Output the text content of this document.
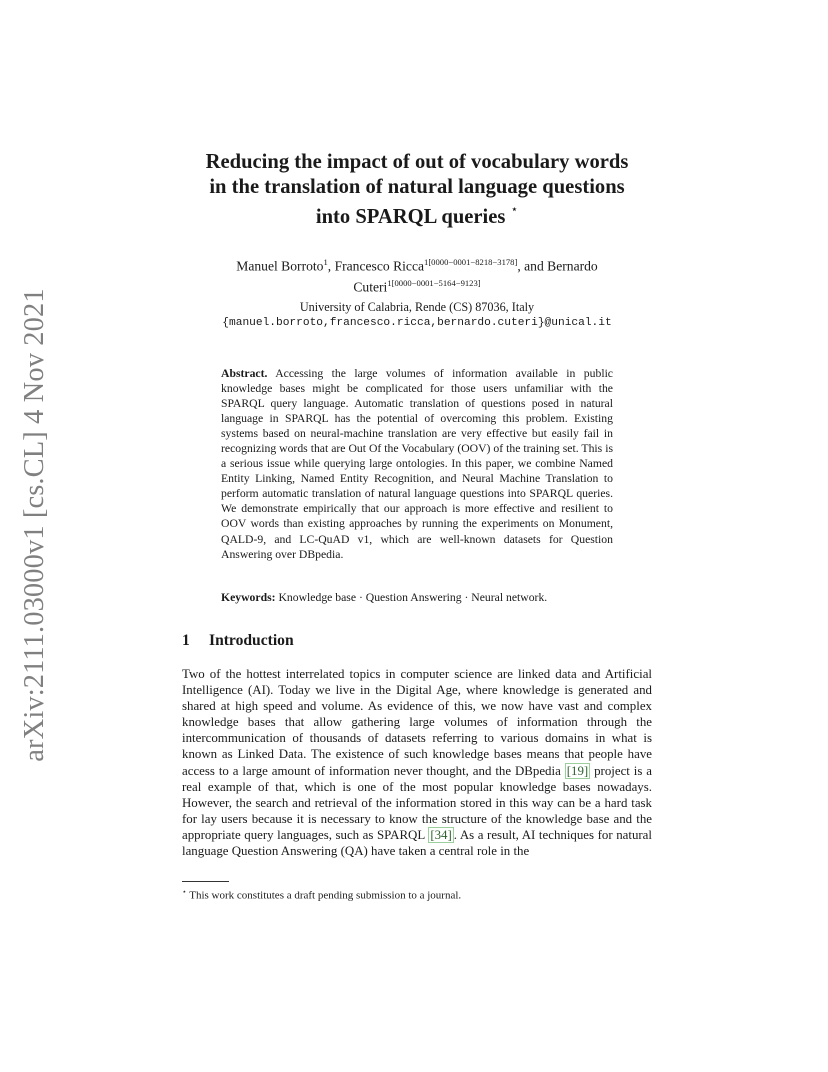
arXiv:2111.03000v1 [cs.CL] 4 Nov 2021
Reducing the impact of out of vocabulary words
in the translation of natural language questions
into SPARQL queries ⋆
Manuel Borroto$^1$, Francesco Ricca$^{1[0000-0001-8218-3178]}$, and Bernardo
Cuteri$^{1[0000-0001-5164-9123]}$
University of Calabria, Rende (CS) 87036, Italy
{manuel.borroto,francesco.ricca,bernardo.cuteri}@unical.it
Abstract. Accessing the large volumes of information available in public knowledge bases might be complicated for those users unfamiliar with the SPARQL query language. Automatic translation of questions posed in natural language in SPARQL has the potential of overcoming this problem. Existing systems based on neural-machine translation are very effective but easily fail in recognizing words that are Out Of the Vocabulary (OOV) of the training set. This is a serious issue while querying large ontologies. In this paper, we combine Named Entity Linking, Named Entity Recognition, and Neural Machine Translation to perform automatic translation of natural language questions into SPARQL queries. We demonstrate empirically that our approach is more effective and resilient to OOV words than existing approaches by running the experiments on Monument, QALD-9, and LC-QuAD v1, which are well-known datasets for Question Answering over DBpedia.
Keywords: Knowledge base · Question Answering · Neural network.
1 Introduction
Two of the hottest interrelated topics in computer science are linked data and Artificial Intelligence (AI). Today we live in the Digital Age, where knowledge is generated and shared at high speed and volume. As evidence of this, we now have vast and complex knowledge bases that allow gathering large volumes of information through the intercommunication of thousands of datasets referring to various domains in what is known as Linked Data. The existence of such knowledge bases means that people have access to a large amount of information never thought, and the DBpedia [19] project is a real example of that, which is one of the most popular knowledge bases nowadays. However, the search and retrieval of the information stored in this way can be a hard task for lay users because it is necessary to know the structure of the knowledge base and the appropriate query languages, such as SPARQL [34] . As a result, AI techniques for natural language Question Answering (QA) have taken a central role in the
⋆ This work constitutes a draft pending submission to a journal.
